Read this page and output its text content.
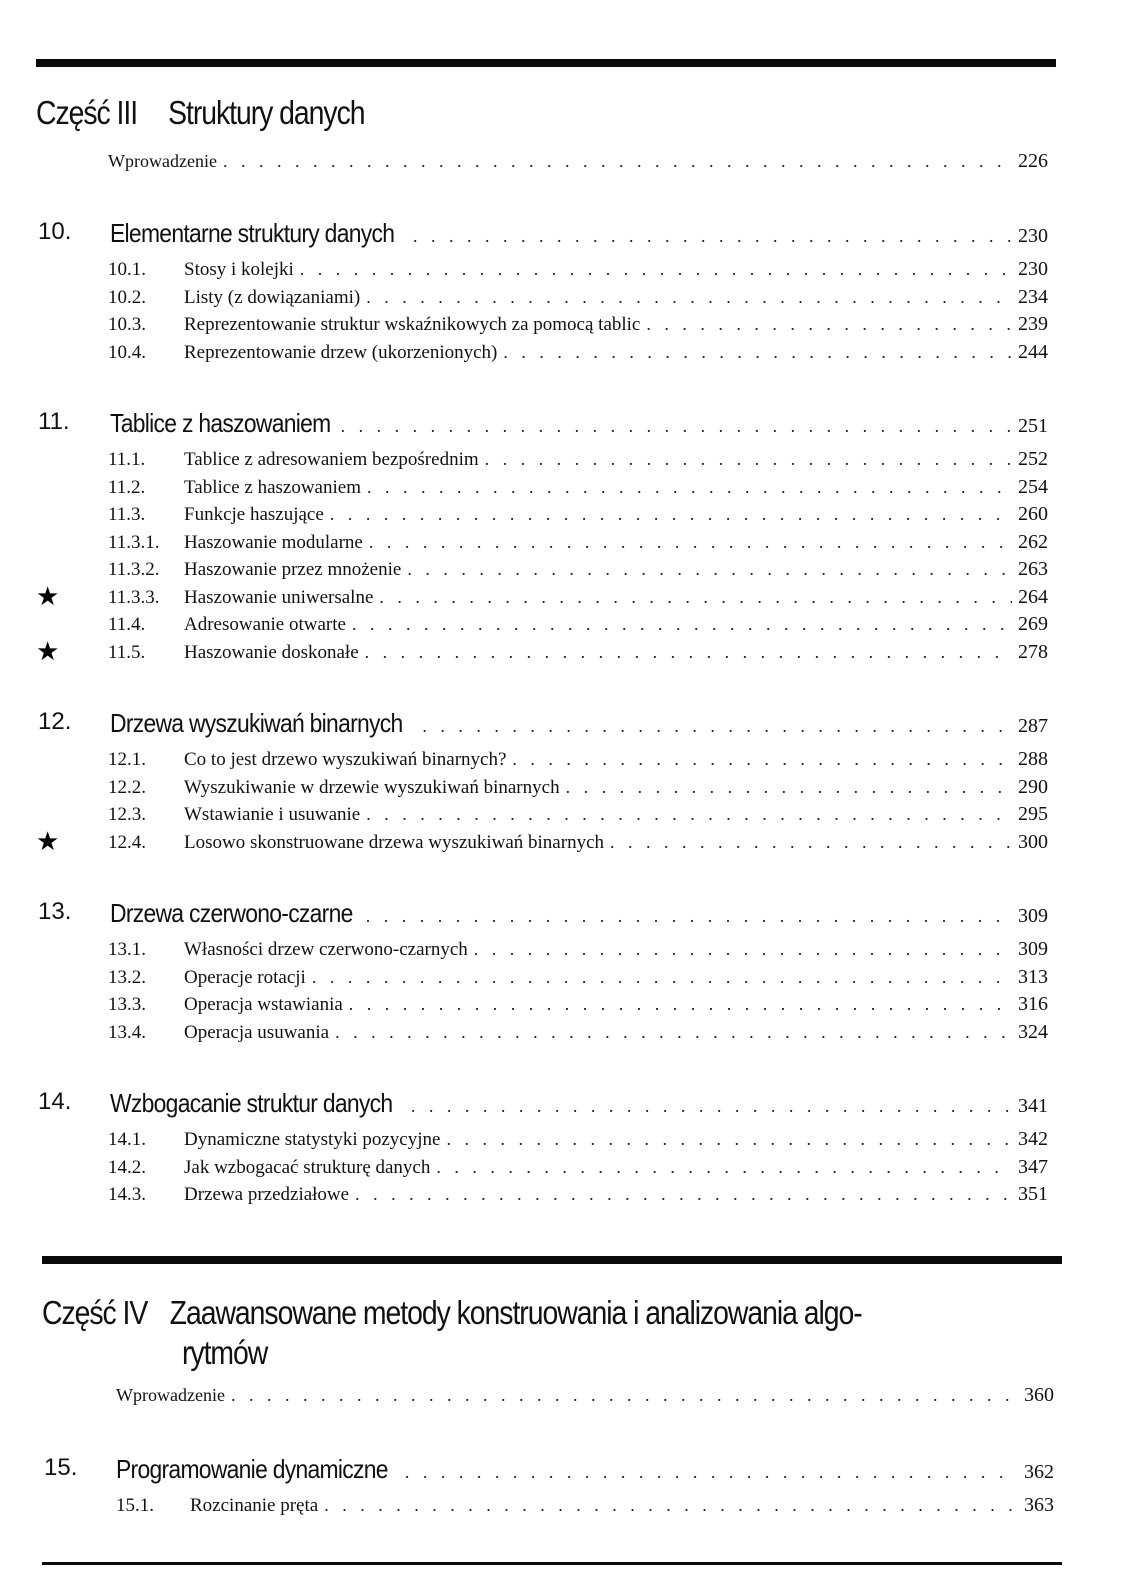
Część III Struktury danych
Wprowadzenie . . .	226
Część IV Zaawansowane metody konstruowania i analizowania algo-
rytmów
Wprowadzenie . . .	360
10. Elementarne struktury danych . . .	230
10.1.	Stosy i kolejki . . .	230
10.2.	Listy (z dowiązaniami) . . .	234
10.3.	Reprezentowanie struktur wskaźnikowych za pomocą tablic . . .	239
10.4.	Reprezentowanie drzew (ukorzenionych) . . .	244
11. Tablice z haszowaniem . . .	251
11.1.	Tablice z adresowaniem bezpośrednim . . .	252
11.2.	Tablice z haszowaniem . . .	254
11.3.	Funkcje haszujące . . .	260
11.3.1.	Haszowanie modularne . . .	262
11.3.2.	Haszowanie przez mnożenie . . .	263
11.3.3.	Haszowanie uniwersalne . . .	264
★
11.4.	Adresowanie otwarte . . .	269
11.5.	Haszowanie doskonałe . . .	278
★
12. Drzewa wyszukiwań binarnych . . .	287
12.1.	Co to jest drzewo wyszukiwań binarnych? . . .	288
12.2.	Wyszukiwanie w drzewie wyszukiwań binarnych . . .	290
12.3.	Wstawianie i usuwanie . . .	295
12.4.	Losowo skonstruowane drzewa wyszukiwań binarnych . . .	300
★
13. Drzewa czerwono-czarne . . .	309
13.1.	Własności drzew czerwono-czarnych . . .	309
13.2.	Operacje rotacji . . .	313
13.3.	Operacja wstawiania . . .	316
13.4.	Operacja usuwania . . .	324
14. Wzbogacanie struktur danych . . .	341
14.1.	Dynamiczne statystyki pozycyjne . . .	342
14.2.	Jak wzbogacać strukturę danych . . .	347
14.3.	Drzewa przedziałowe . . .	351
15. Programowanie dynamiczne . . .	362
15.1.	Rozcinanie pręta . . .	363
